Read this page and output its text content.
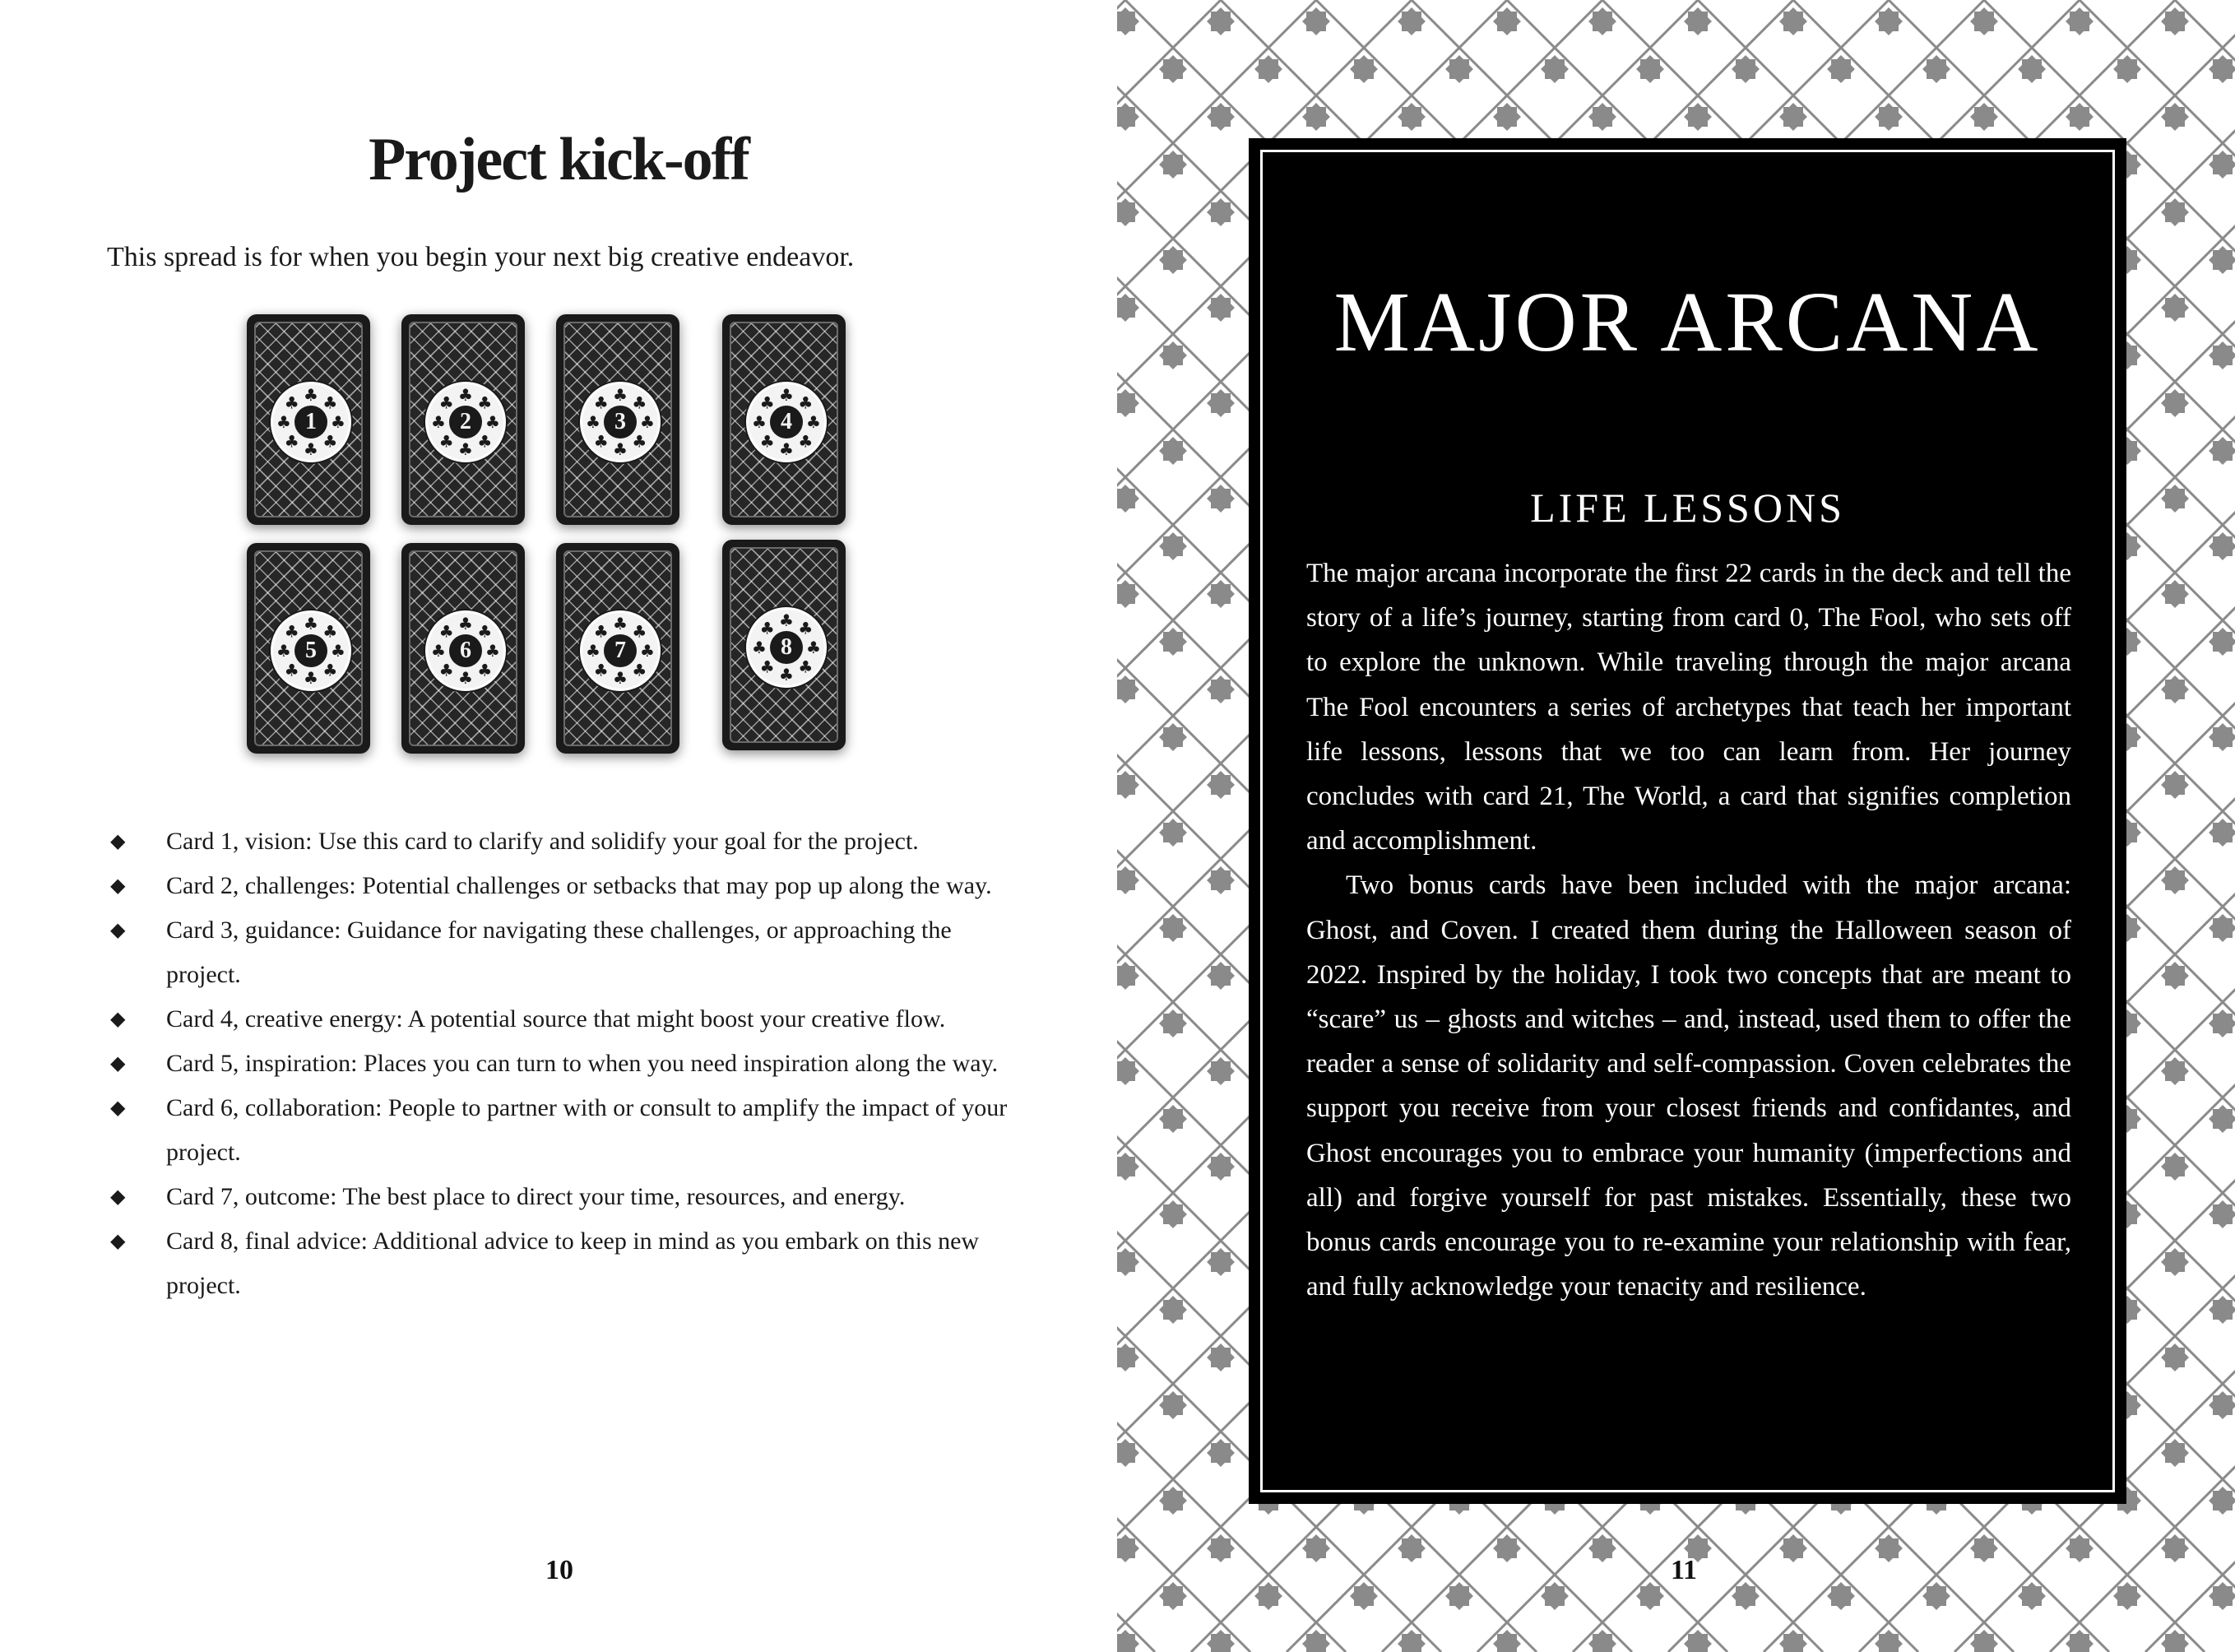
Project kick-off

This spread is for when you begin your next big creative endeavor.

♣ ♣
♣
♣
♣
♣
♣
♣
1
♣ ♣
♣
♣
♣
♣
♣
♣
2
♣ ♣
♣
♣
♣
♣
♣
♣
3
♣ ♣
♣
♣
♣
♣
♣
♣
4
♣ ♣
♣
♣
♣
♣
♣
♣
5
♣ ♣
♣
♣
♣
♣
♣
♣
6
♣ ♣
♣
♣
♣
♣
♣
♣
7
♣ ♣
♣
♣
♣
♣
♣
♣
8
◆ Card 1, vision: Use this card to clarify and solidify your goal for the project.
◆ Card 2, challenges: Potential challenges or setbacks that may pop up along the way.
◆ Card 3, guidance: Guidance for navigating these challenges, or approaching the project.
◆ Card 4, creative energy: A potential source that might boost your creative flow.
◆ Card 5, inspiration: Places you can turn to when you need inspiration along the way.
◆ Card 6, collaboration: People to partner with or consult to amplify the impact of your project.
◆ Card 7, outcome: The best place to direct your time, resources, and energy.
◆ Card 8, final advice: Additional advice to keep in mind as you embark on this new project.

10

MAJOR ARCANA
LIFE LESSONS

The major arcana incorporate the first 22 cards in the deck and tell the story of a life’s journey, starting from card 0, The Fool, who sets off to explore the unknown. While traveling through the major arcana The Fool encounters a series of archetypes that teach her important life lessons, lessons that we too can learn from. Her journey concludes with card 21, The World, a card that signifies completion and accomplishment.

Two bonus cards have been included with the major arcana: Ghost, and Coven. I created them during the Halloween season of 2022. Inspired by the holiday, I took two concepts that are meant to “scare” us – ghosts and witches – and, instead, used them to offer the reader a sense of solidarity and self-compassion. Coven celebrates the support you receive from your closest friends and confidantes, and Ghost encourages you to embrace your humanity (imperfections and all) and forgive yourself for past mistakes. Essentially, these two bonus cards encourage you to re-examine your relationship with fear, and fully acknowledge your tenacity and resilience.

11
